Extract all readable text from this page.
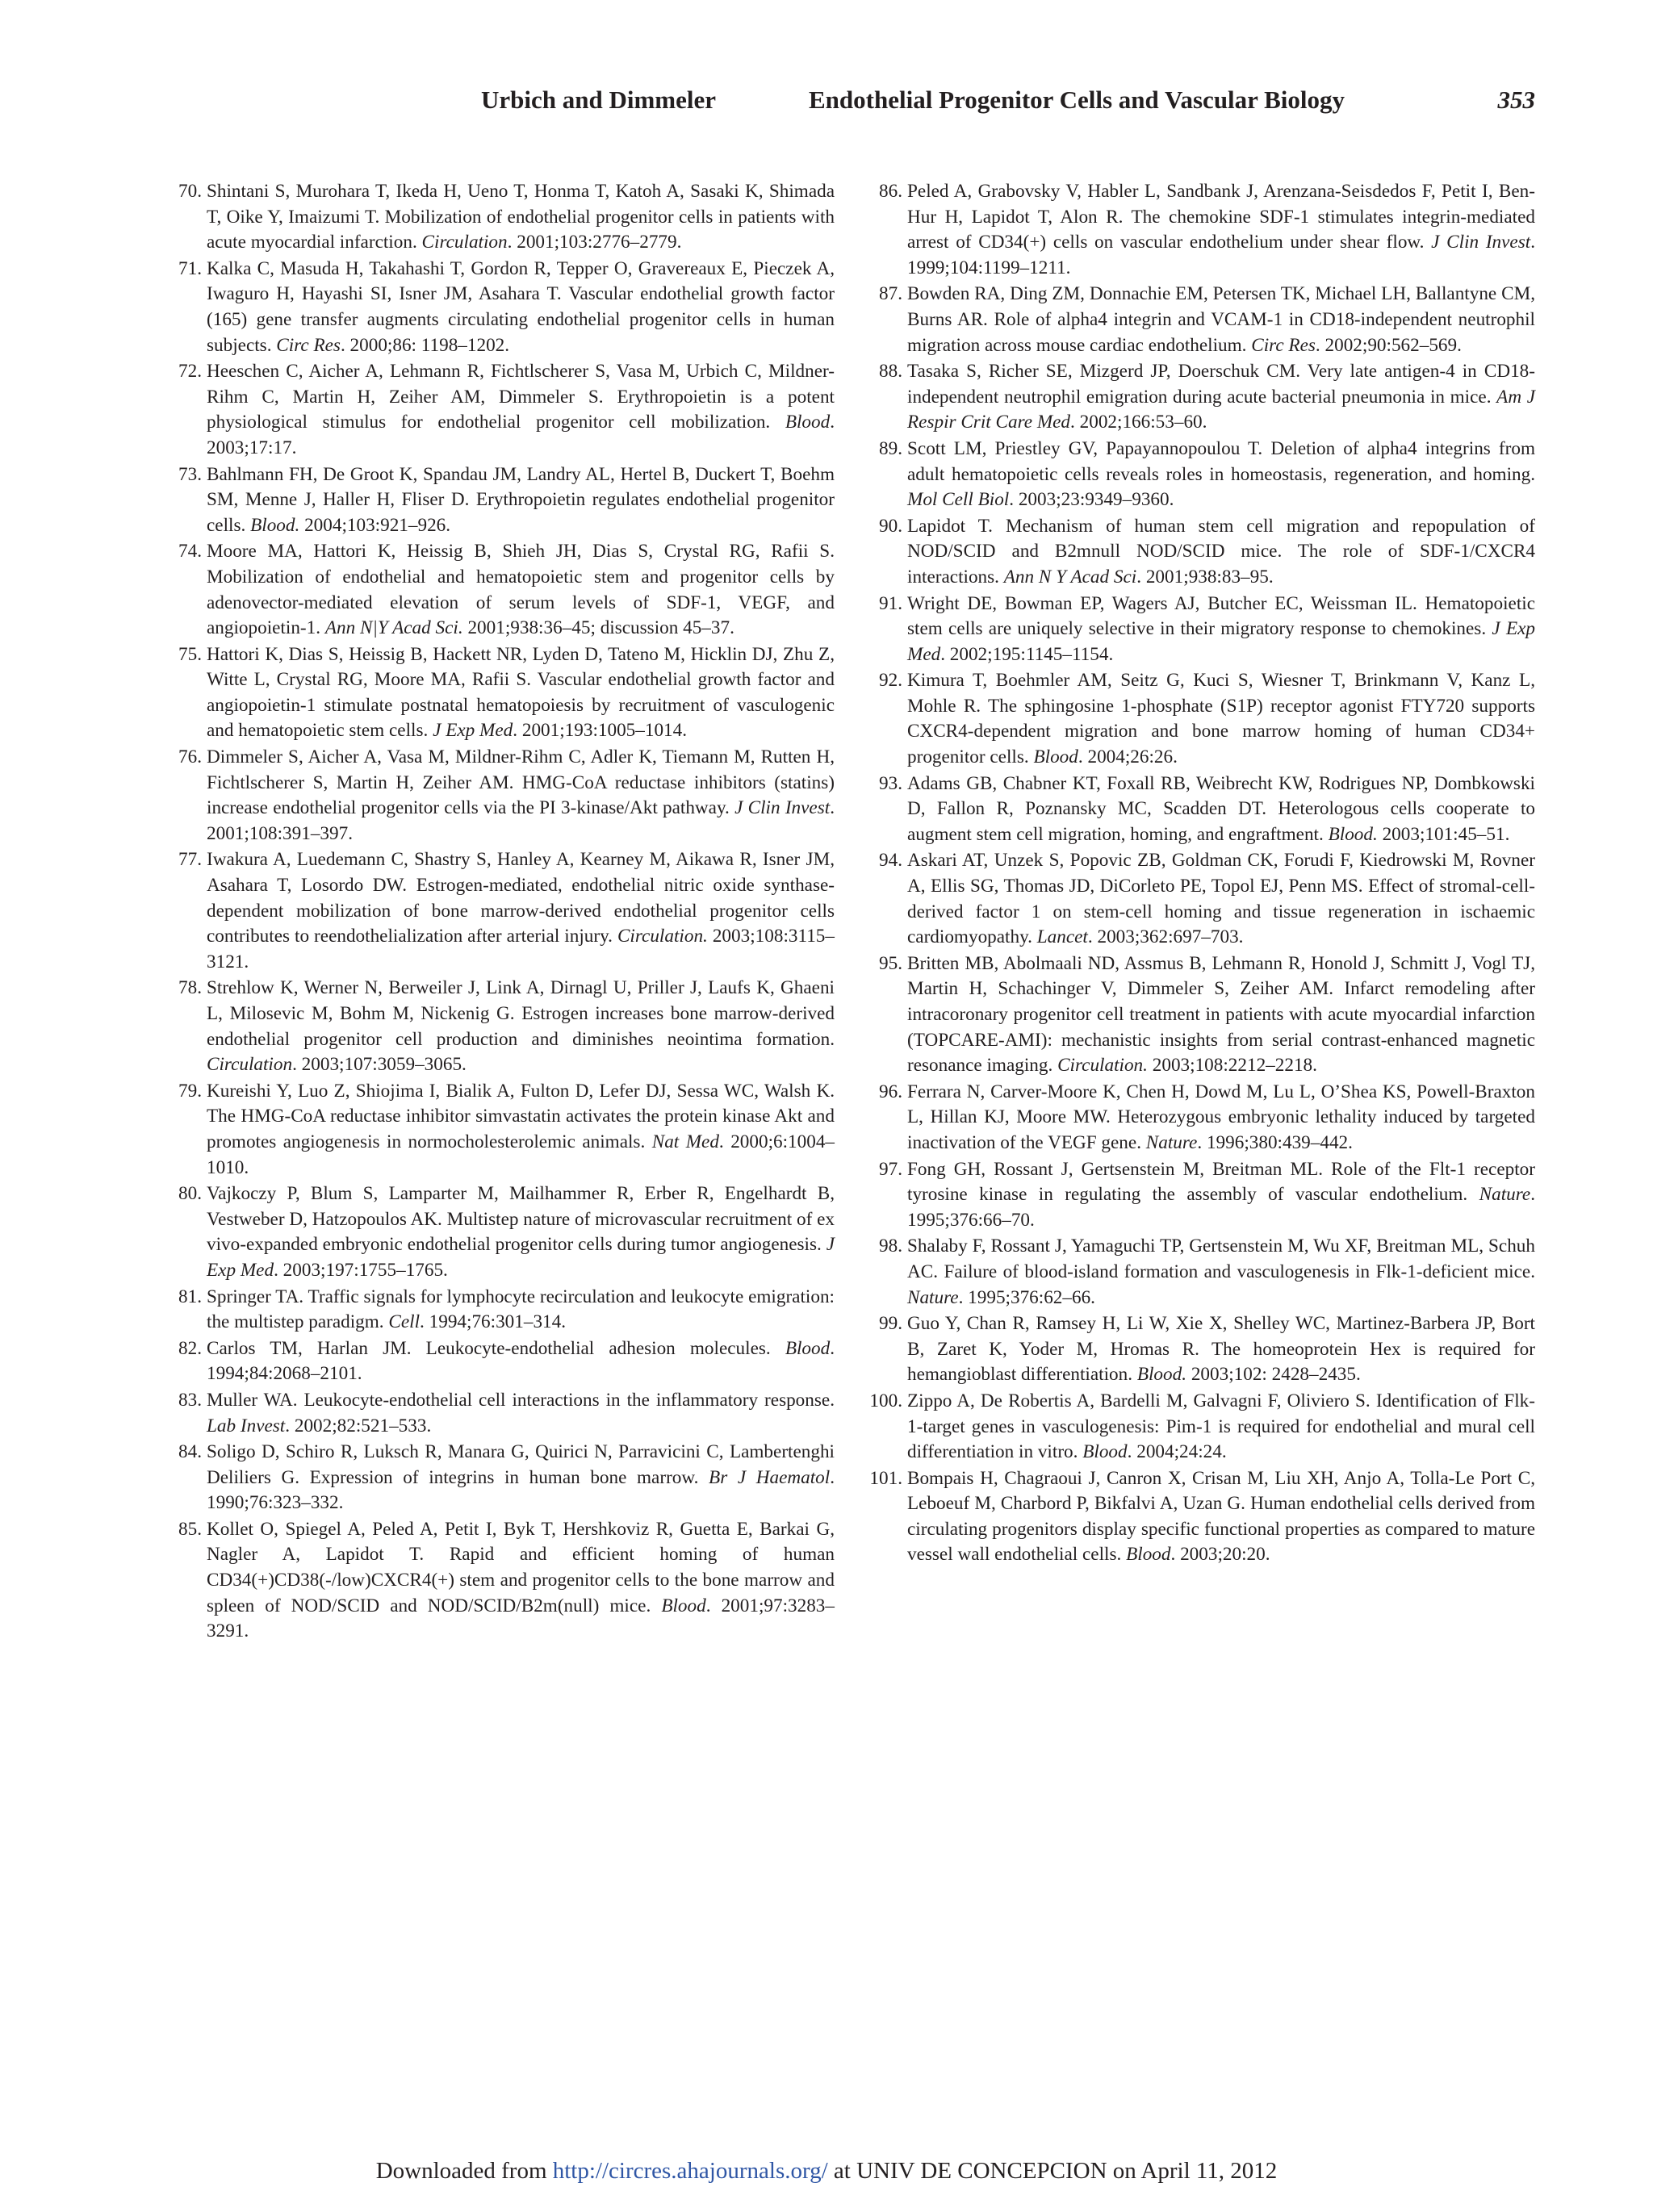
Urbich and Dimmeler	Endothelial Progenitor Cells and Vascular Biology	353
70. Shintani S, Murohara T, Ikeda H, Ueno T, Honma T, Katoh A, Sasaki K, Shimada T, Oike Y, Imaizumi T. Mobilization of endothelial progenitor cells in patients with acute myocardial infarction. Circulation. 2001;103:2776–2779.
71. Kalka C, Masuda H, Takahashi T, Gordon R, Tepper O, Gravereaux E, Pieczek A, Iwaguro H, Hayashi SI, Isner JM, Asahara T. Vascular endothelial growth factor (165) gene transfer augments circulating endothelial progenitor cells in human subjects. Circ Res. 2000;86: 1198–1202.
72. Heeschen C, Aicher A, Lehmann R, Fichtlscherer S, Vasa M, Urbich C, Mildner-Rihm C, Martin H, Zeiher AM, Dimmeler S. Erythropoietin is a potent physiological stimulus for endothelial progenitor cell mobilization. Blood. 2003;17:17.
73. Bahlmann FH, De Groot K, Spandau JM, Landry AL, Hertel B, Duckert T, Boehm SM, Menne J, Haller H, Fliser D. Erythropoietin regulates endothelial progenitor cells. Blood. 2004;103:921–926.
74. Moore MA, Hattori K, Heissig B, Shieh JH, Dias S, Crystal RG, Rafii S. Mobilization of endothelial and hematopoietic stem and progenitor cells by adenovector-mediated elevation of serum levels of SDF-1, VEGF, and angiopoietin-1. Ann N|Y Acad Sci. 2001;938:36–45; discussion 45–37.
75. Hattori K, Dias S, Heissig B, Hackett NR, Lyden D, Tateno M, Hicklin DJ, Zhu Z, Witte L, Crystal RG, Moore MA, Rafii S. Vascular endothelial growth factor and angiopoietin-1 stimulate postnatal hematopoiesis by recruitment of vasculogenic and hematopoietic stem cells. J Exp Med. 2001;193:1005–1014.
76. Dimmeler S, Aicher A, Vasa M, Mildner-Rihm C, Adler K, Tiemann M, Rutten H, Fichtlscherer S, Martin H, Zeiher AM. HMG-CoA reductase inhibitors (statins) increase endothelial progenitor cells via the PI 3-kinase/Akt pathway. J Clin Invest. 2001;108:391–397.
77. Iwakura A, Luedemann C, Shastry S, Hanley A, Kearney M, Aikawa R, Isner JM, Asahara T, Losordo DW. Estrogen-mediated, endothelial nitric oxide synthase-dependent mobilization of bone marrow-derived endothelial progenitor cells contributes to reendothelialization after arterial injury. Circulation. 2003;108:3115–3121.
78. Strehlow K, Werner N, Berweiler J, Link A, Dirnagl U, Priller J, Laufs K, Ghaeni L, Milosevic M, Bohm M, Nickenig G. Estrogen increases bone marrow-derived endothelial progenitor cell production and diminishes neointima formation. Circulation. 2003;107:3059–3065.
79. Kureishi Y, Luo Z, Shiojima I, Bialik A, Fulton D, Lefer DJ, Sessa WC, Walsh K. The HMG-CoA reductase inhibitor simvastatin activates the protein kinase Akt and promotes angiogenesis in normocholesterolemic animals. Nat Med. 2000;6:1004–1010.
80. Vajkoczy P, Blum S, Lamparter M, Mailhammer R, Erber R, Engelhardt B, Vestweber D, Hatzopoulos AK. Multistep nature of microvascular recruitment of ex vivo-expanded embryonic endothelial progenitor cells during tumor angiogenesis. J Exp Med. 2003;197:1755–1765.
81. Springer TA. Traffic signals for lymphocyte recirculation and leukocyte emigration: the multistep paradigm. Cell. 1994;76:301–314.
82. Carlos TM, Harlan JM. Leukocyte-endothelial adhesion molecules. Blood. 1994;84:2068–2101.
83. Muller WA. Leukocyte-endothelial cell interactions in the inflammatory response. Lab Invest. 2002;82:521–533.
84. Soligo D, Schiro R, Luksch R, Manara G, Quirici N, Parravicini C, Lambertenghi Deliliers G. Expression of integrins in human bone marrow. Br J Haematol. 1990;76:323–332.
85. Kollet O, Spiegel A, Peled A, Petit I, Byk T, Hershkoviz R, Guetta E, Barkai G, Nagler A, Lapidot T. Rapid and efficient homing of human CD34(+)CD38(-/low)CXCR4(+) stem and progenitor cells to the bone marrow and spleen of NOD/SCID and NOD/SCID/B2m(null) mice. Blood. 2001;97:3283–3291.
86. Peled A, Grabovsky V, Habler L, Sandbank J, Arenzana-Seisdedos F, Petit I, Ben-Hur H, Lapidot T, Alon R. The chemokine SDF-1 stimulates integrin-mediated arrest of CD34(+) cells on vascular endothelium under shear flow. J Clin Invest. 1999;104:1199–1211.
87. Bowden RA, Ding ZM, Donnachie EM, Petersen TK, Michael LH, Ballantyne CM, Burns AR. Role of alpha4 integrin and VCAM-1 in CD18-independent neutrophil migration across mouse cardiac endothelium. Circ Res. 2002;90:562–569.
88. Tasaka S, Richer SE, Mizgerd JP, Doerschuk CM. Very late antigen-4 in CD18-independent neutrophil emigration during acute bacterial pneumonia in mice. Am J Respir Crit Care Med. 2002;166:53–60.
89. Scott LM, Priestley GV, Papayannopoulou T. Deletion of alpha4 integrins from adult hematopoietic cells reveals roles in homeostasis, regeneration, and homing. Mol Cell Biol. 2003;23:9349–9360.
90. Lapidot T. Mechanism of human stem cell migration and repopulation of NOD/SCID and B2mnull NOD/SCID mice. The role of SDF-1/CXCR4 interactions. Ann N Y Acad Sci. 2001;938:83–95.
91. Wright DE, Bowman EP, Wagers AJ, Butcher EC, Weissman IL. Hematopoietic stem cells are uniquely selective in their migratory response to chemokines. J Exp Med. 2002;195:1145–1154.
92. Kimura T, Boehmler AM, Seitz G, Kuci S, Wiesner T, Brinkmann V, Kanz L, Mohle R. The sphingosine 1-phosphate (S1P) receptor agonist FTY720 supports CXCR4-dependent migration and bone marrow homing of human CD34+ progenitor cells. Blood. 2004;26:26.
93. Adams GB, Chabner KT, Foxall RB, Weibrecht KW, Rodrigues NP, Dombkowski D, Fallon R, Poznansky MC, Scadden DT. Heterologous cells cooperate to augment stem cell migration, homing, and engraftment. Blood. 2003;101:45–51.
94. Askari AT, Unzek S, Popovic ZB, Goldman CK, Forudi F, Kiedrowski M, Rovner A, Ellis SG, Thomas JD, DiCorleto PE, Topol EJ, Penn MS. Effect of stromal-cell-derived factor 1 on stem-cell homing and tissue regeneration in ischaemic cardiomyopathy. Lancet. 2003;362:697–703.
95. Britten MB, Abolmaali ND, Assmus B, Lehmann R, Honold J, Schmitt J, Vogl TJ, Martin H, Schachinger V, Dimmeler S, Zeiher AM. Infarct remodeling after intracoronary progenitor cell treatment in patients with acute myocardial infarction (TOPCARE-AMI): mechanistic insights from serial contrast-enhanced magnetic resonance imaging. Circulation. 2003;108:2212–2218.
96. Ferrara N, Carver-Moore K, Chen H, Dowd M, Lu L, O’Shea KS, Powell-Braxton L, Hillan KJ, Moore MW. Heterozygous embryonic lethality induced by targeted inactivation of the VEGF gene. Nature. 1996;380:439–442.
97. Fong GH, Rossant J, Gertsenstein M, Breitman ML. Role of the Flt-1 receptor tyrosine kinase in regulating the assembly of vascular endothelium. Nature. 1995;376:66–70.
98. Shalaby F, Rossant J, Yamaguchi TP, Gertsenstein M, Wu XF, Breitman ML, Schuh AC. Failure of blood-island formation and vasculogenesis in Flk-1-deficient mice. Nature. 1995;376:62–66.
99. Guo Y, Chan R, Ramsey H, Li W, Xie X, Shelley WC, Martinez-Barbera JP, Bort B, Zaret K, Yoder M, Hromas R. The homeoprotein Hex is required for hemangioblast differentiation. Blood. 2003;102: 2428–2435.
100. Zippo A, De Robertis A, Bardelli M, Galvagni F, Oliviero S. Identification of Flk-1-target genes in vasculogenesis: Pim-1 is required for endothelial and mural cell differentiation in vitro. Blood. 2004;24:24.
101. Bompais H, Chagraoui J, Canron X, Crisan M, Liu XH, Anjo A, Tolla-Le Port C, Leboeuf M, Charbord P, Bikfalvi A, Uzan G. Human endothelial cells derived from circulating progenitors display specific functional properties as compared to mature vessel wall endothelial cells. Blood. 2003;20:20.
Downloaded from http://circres.ahajournals.org/ at UNIV DE CONCEPCION on April 11, 2012
